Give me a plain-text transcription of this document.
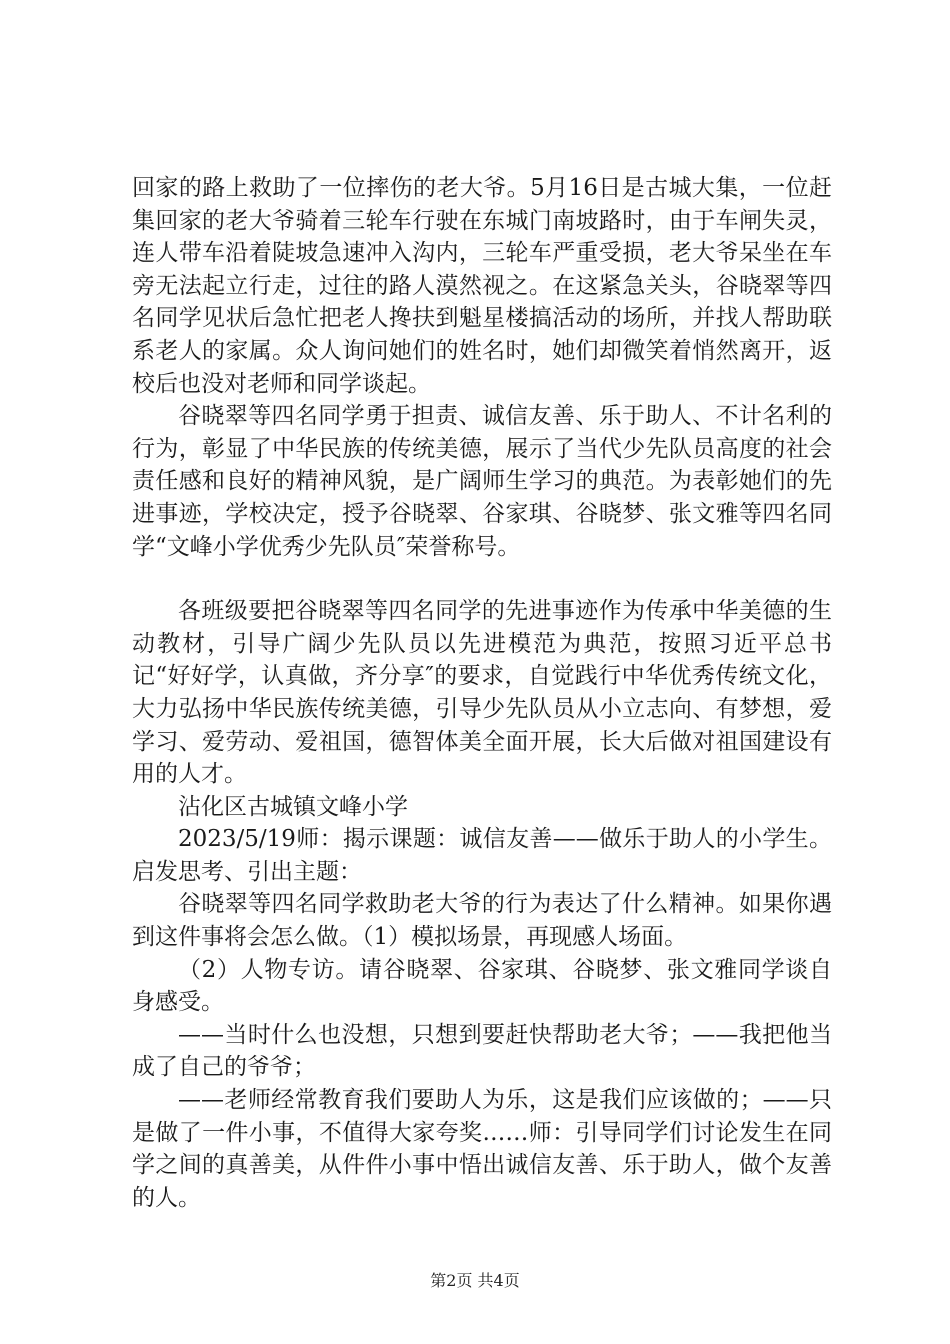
回家的路上救助了一位摔伤的老大爷。5月16日是古城大集，一位赶集回家的老大爷骑着三轮车行驶在东城门南坡路时，由于车闸失灵，连人带车沿着陡坡急速冲入沟内，三轮车严重受损，老大爷呆坐在车旁无法起立行走，过往的路人漠然视之。在这紧急关头，谷晓翠等四名同学见状后急忙把老人搀扶到魁星楼搞活动的场所，并找人帮助联系老人的家属。众人询问她们的姓名时，她们却微笑着悄然离开，返校后也没对老师和同学谈起。

谷晓翠等四名同学勇于担责、诚信友善、乐于助人、不计名利的行为，彰显了中华民族的传统美德，展示了当代少先队员高度的社会责任感和良好的精神风貌，是广阔师生学习的典范。为表彰她们的先进事迹，学校决定，授予谷晓翠、谷家琪、谷晓梦、张文雅等四名同学“文峰小学优秀少先队员″荣誉称号。

各班级要把谷晓翠等四名同学的先进事迹作为传承中华美德的生动教材，引导广阔少先队员以先进模范为典范，按照习近平总书记“好好学，认真做，齐分享″的要求，自觉践行中华优秀传统文化，大力弘扬中华民族传统美德，引导少先队员从小立志向、有梦想，爱学习、爱劳动、爱祖国，德智体美全面开展，长大后做对祖国建设有用的人才。

沾化区古城镇文峰小学

2023/5/19师：揭示课题：诚信友善——做乐于助人的小学生。启发思考、引出主题：

谷晓翠等四名同学救助老大爷的行为表达了什么精神。如果你遇到这件事将会怎么做。（1）模拟场景，再现感人场面。

（2）人物专访。请谷晓翠、谷家琪、谷晓梦、张文雅同学谈自身感受。

——当时什么也没想，只想到要赶快帮助老大爷；——我把他当成了自己的爷爷；

——老师经常教育我们要助人为乐，这是我们应该做的；——只是做了一件小事，不值得大家夸奖……师：引导同学们讨论发生在同学之间的真善美，从件件小事中悟出诚信友善、乐于助人，做个友善的人。

第2页 共4页
